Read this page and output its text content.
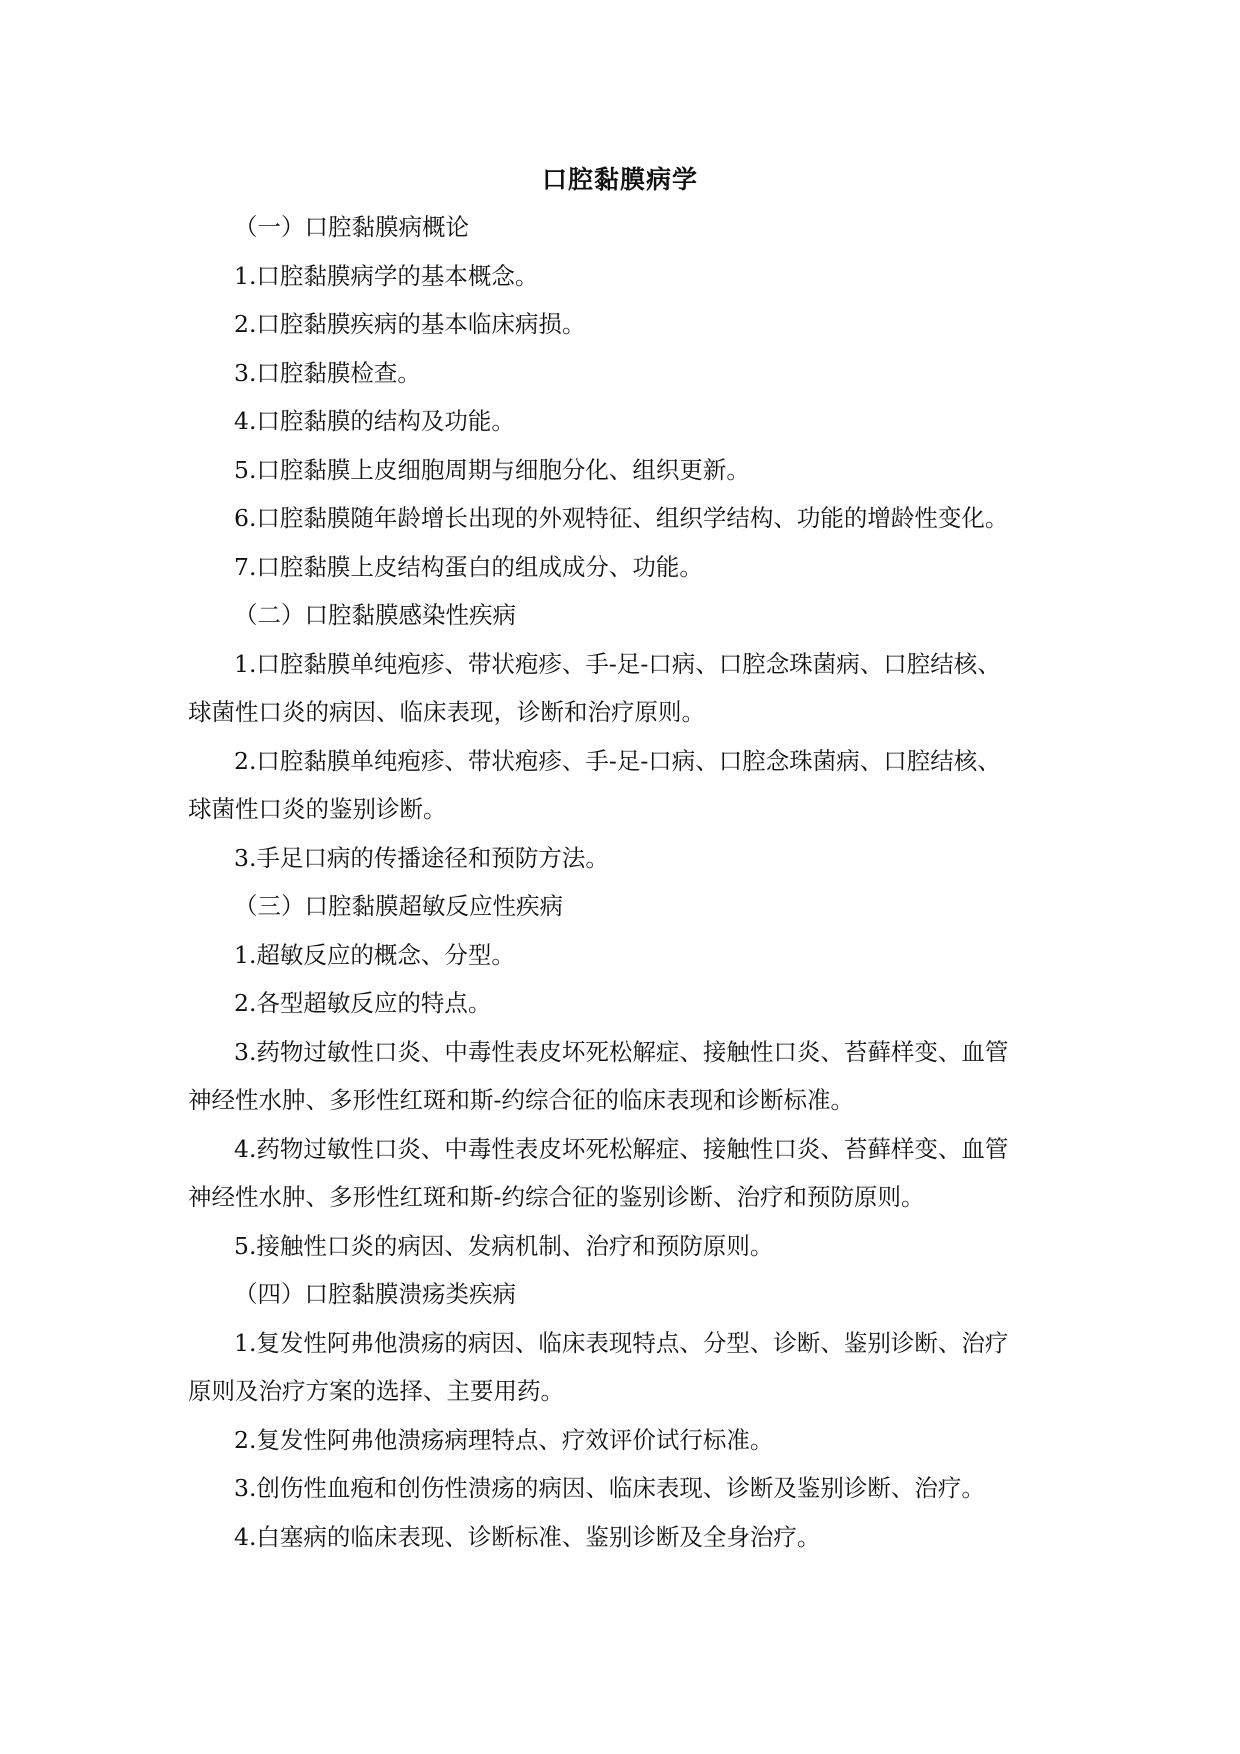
口腔黏膜病学
（一）口腔黏膜病概论
1.口腔黏膜病学的基本概念。
2.口腔黏膜疾病的基本临床病损。
3.口腔黏膜检查。
4.口腔黏膜的结构及功能。
5.口腔黏膜上皮细胞周期与细胞分化、组织更新。
6.口腔黏膜随年龄增长出现的外观特征、组织学结构、功能的增龄性变化。
7.口腔黏膜上皮结构蛋白的组成成分、功能。
（二）口腔黏膜感染性疾病
1.口腔黏膜单纯疱疹、带状疱疹、手-足-口病、口腔念珠菌病、口腔结核、
球菌性口炎的病因、临床表现，诊断和治疗原则。
2.口腔黏膜单纯疱疹、带状疱疹、手-足-口病、口腔念珠菌病、口腔结核、
球菌性口炎的鉴别诊断。
3.手足口病的传播途径和预防方法。
（三）口腔黏膜超敏反应性疾病
1.超敏反应的概念、分型。
2.各型超敏反应的特点。
3.药物过敏性口炎、中毒性表皮坏死松解症、接触性口炎、苔藓样变、血管
神经性水肿、多形性红斑和斯-约综合征的临床表现和诊断标准。
4.药物过敏性口炎、中毒性表皮坏死松解症、接触性口炎、苔藓样变、血管
神经性水肿、多形性红斑和斯-约综合征的鉴别诊断、治疗和预防原则。
5.接触性口炎的病因、发病机制、治疗和预防原则。
（四）口腔黏膜溃疡类疾病
1.复发性阿弗他溃疡的病因、临床表现特点、分型、诊断、鉴别诊断、治疗
原则及治疗方案的选择、主要用药。
2.复发性阿弗他溃疡病理特点、疗效评价试行标准。
3.创伤性血疱和创伤性溃疡的病因、临床表现、诊断及鉴别诊断、治疗。
4.白塞病的临床表现、诊断标准、鉴别诊断及全身治疗。
